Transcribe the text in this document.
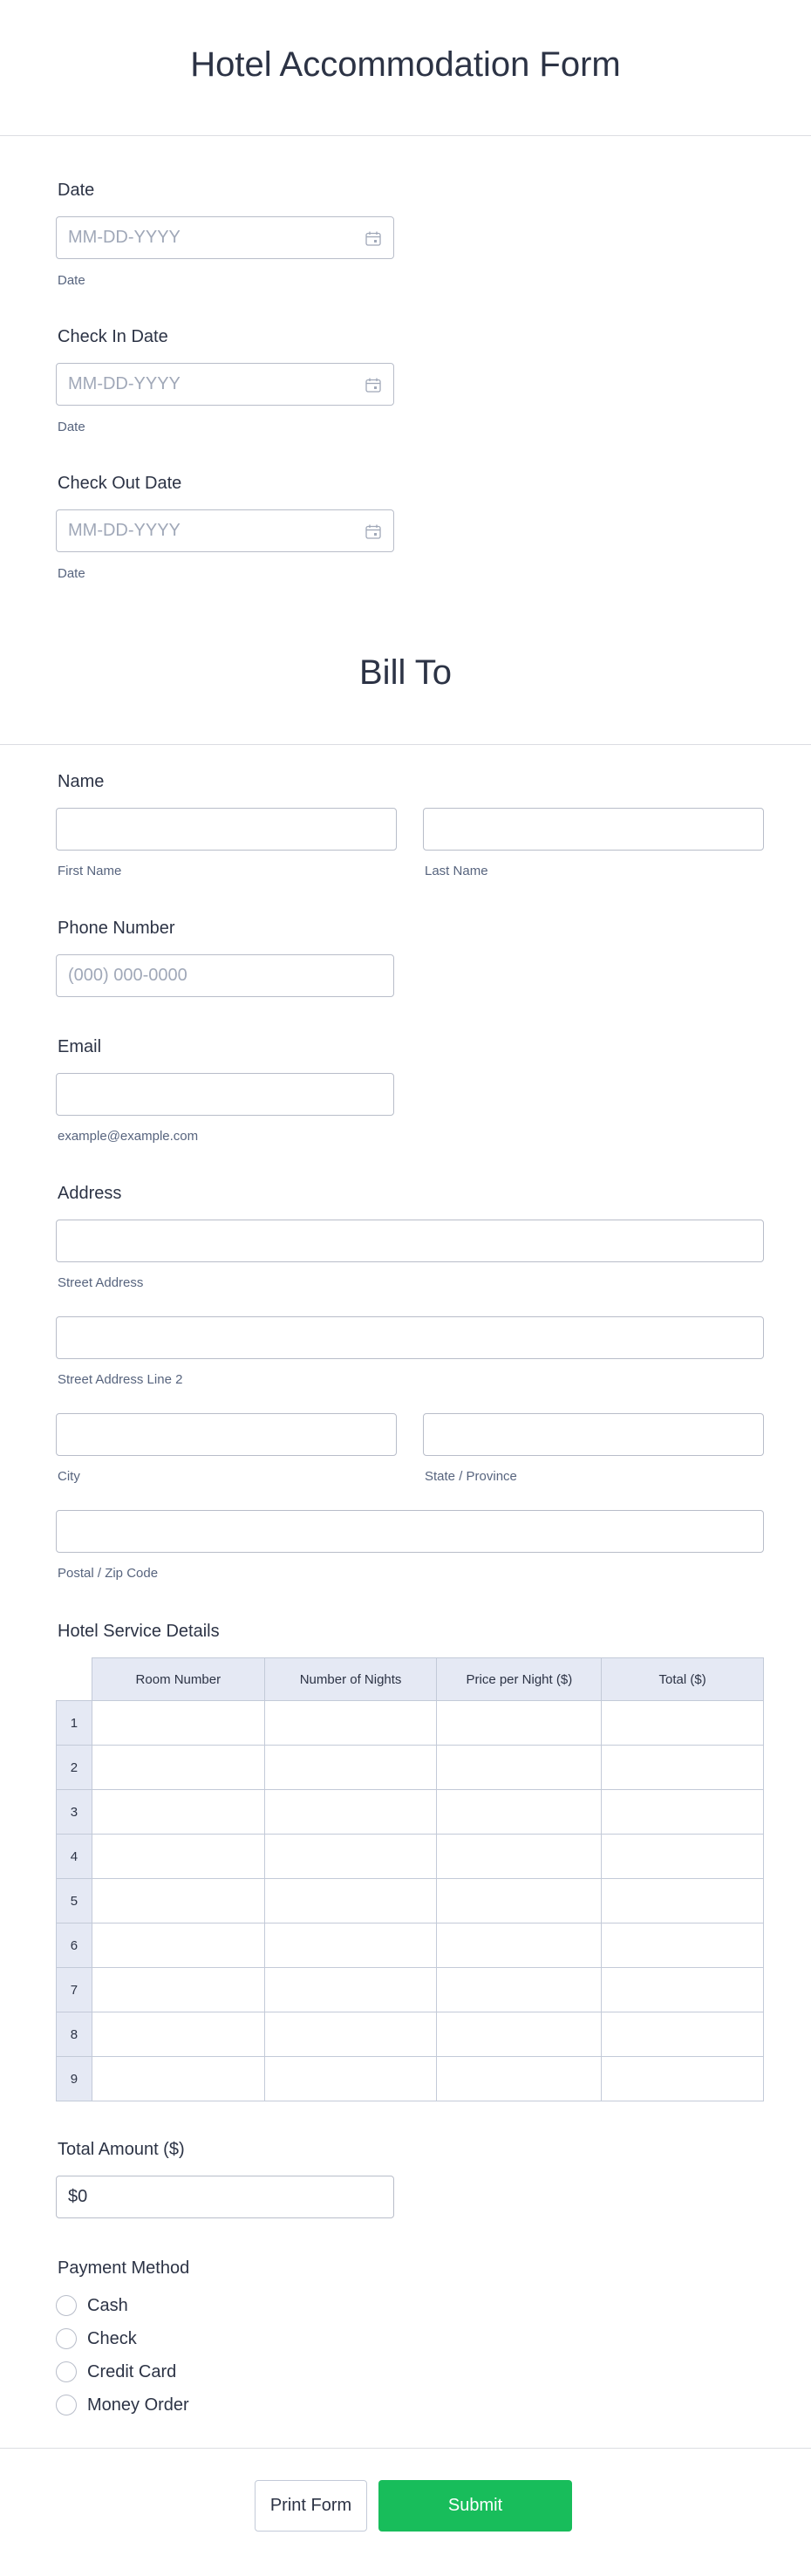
Hotel Accommodation Form
Date
MM-DD-YYYY
Date
Check In Date
MM-DD-YYYY
Date
Check Out Date
MM-DD-YYYY
Date
Bill To
Name
First Name	Last Name
Phone Number
(000) 000-0000
Email
example@example.com
Address
Street Address
Street Address Line 2
City	State / Province
Postal / Zip Code
Hotel Service Details
	Room Number	Number of Nights	Price per Night ($)	Total ($)
1				
2				
3				
4				
5				
6				
7				
8				
9				
Total Amount ($)
$0
Payment Method
Cash
Check
Credit Card
Money Order
Print Form	Submit
